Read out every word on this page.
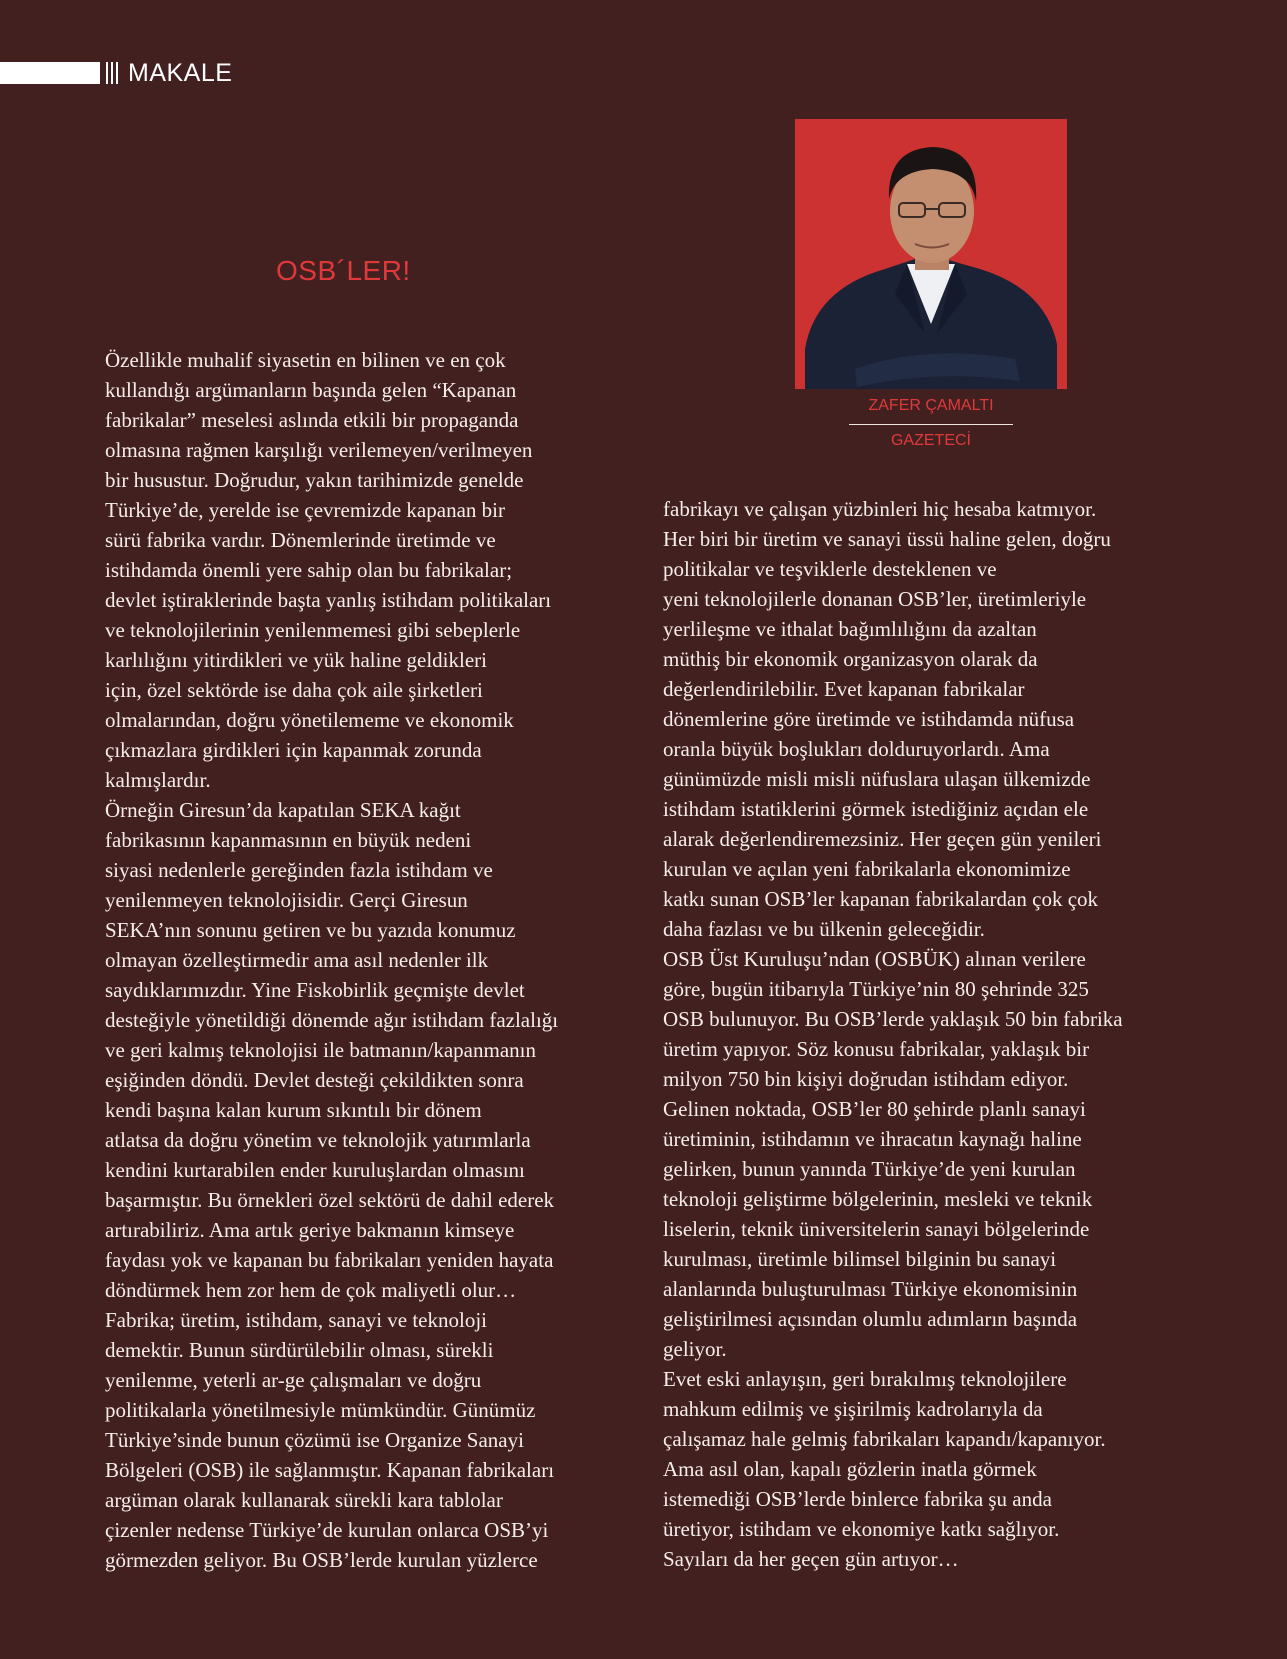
MAKALE
OSB´LER!
ZAFER ÇAMALTI
GAZETECİ

Özellikle muhalif siyasetin en bilinen ve en çok

kullandığı argümanların başında gelen “Kapanan

fabrikalar” meselesi aslında etkili bir propaganda

olmasına rağmen karşılığı verilemeyen/verilmeyen

bir husustur. Doğrudur, yakın tarihimizde genelde

Türkiye’de, yerelde ise çevremizde kapanan bir

sürü fabrika vardır. Dönemlerinde üretimde ve

istihdamda önemli yere sahip olan bu fabrikalar;

devlet iştiraklerinde başta yanlış istihdam politikaları

ve teknolojilerinin yenilenmemesi gibi sebeplerle

karlılığını yitirdikleri ve yük haline geldikleri

için, özel sektörde ise daha çok aile şirketleri

olmalarından, doğru yönetilememe ve ekonomik

çıkmazlara girdikleri için kapanmak zorunda

kalmışlardır.

Örneğin Giresun’da kapatılan SEKA kağıt

fabrikasının kapanmasının en büyük nedeni

siyasi nedenlerle gereğinden fazla istihdam ve

yenilenmeyen teknolojisidir. Gerçi Giresun

SEKA’nın sonunu getiren ve bu yazıda konumuz

olmayan özelleştirmedir ama asıl nedenler ilk

saydıklarımızdır. Yine Fiskobirlik geçmişte devlet

desteğiyle yönetildiği dönemde ağır istihdam fazlalığı

ve geri kalmış teknolojisi ile batmanın/kapanmanın

eşiğinden döndü. Devlet desteği çekildikten sonra

kendi başına kalan kurum sıkıntılı bir dönem

atlatsa da doğru yönetim ve teknolojik yatırımlarla

kendini kurtarabilen ender kuruluşlardan olmasını

başarmıştır. Bu örnekleri özel sektörü de dahil ederek

artırabiliriz. Ama artık geriye bakmanın kimseye

faydası yok ve kapanan bu fabrikaları yeniden hayata

döndürmek hem zor hem de çok maliyetli olur…

Fabrika; üretim, istihdam, sanayi ve teknoloji

demektir. Bunun sürdürülebilir olması, sürekli

yenilenme, yeterli ar-ge çalışmaları ve doğru

politikalarla yönetilmesiyle mümkündür. Günümüz

Türkiye’sinde bunun çözümü ise Organize Sanayi

Bölgeleri (OSB) ile sağlanmıştır. Kapanan fabrikaları

argüman olarak kullanarak sürekli kara tablolar

çizenler nedense Türkiye’de kurulan onlarca OSB’yi

görmezden geliyor. Bu OSB’lerde kurulan yüzlerce

fabrikayı ve çalışan yüzbinleri hiç hesaba katmıyor.

Her biri bir üretim ve sanayi üssü haline gelen, doğru

politikalar ve teşviklerle desteklenen ve

yeni teknolojilerle donanan OSB’ler, üretimleriyle

yerlileşme ve ithalat bağımlılığını da azaltan

müthiş bir ekonomik organizasyon olarak da

değerlendirilebilir. Evet kapanan fabrikalar

dönemlerine göre üretimde ve istihdamda nüfusa

oranla büyük boşlukları dolduruyorlardı. Ama

günümüzde misli misli nüfuslara ulaşan ülkemizde

istihdam istatiklerini görmek istediğiniz açıdan ele

alarak değerlendiremezsiniz. Her geçen gün yenileri

kurulan ve açılan yeni fabrikalarla ekonomimize

katkı sunan OSB’ler kapanan fabrikalardan çok çok

daha fazlası ve bu ülkenin geleceğidir.

OSB Üst Kuruluşu’ndan (OSBÜK) alınan verilere

göre, bugün itibarıyla Türkiye’nin 80 şehrinde 325

OSB bulunuyor. Bu OSB’lerde yaklaşık 50 bin fabrika

üretim yapıyor. Söz konusu fabrikalar, yaklaşık bir

milyon 750 bin kişiyi doğrudan istihdam ediyor.

Gelinen noktada, OSB’ler 80 şehirde planlı sanayi

üretiminin, istihdamın ve ihracatın kaynağı haline

gelirken, bunun yanında Türkiye’de yeni kurulan

teknoloji geliştirme bölgelerinin, mesleki ve teknik

liselerin, teknik üniversitelerin sanayi bölgelerinde

kurulması, üretimle bilimsel bilginin bu sanayi

alanlarında buluşturulması Türkiye ekonomisinin

geliştirilmesi açısından olumlu adımların başında

geliyor.

Evet eski anlayışın, geri bırakılmış teknolojilere

mahkum edilmiş ve şişirilmiş kadrolarıyla da

çalışamaz hale gelmiş fabrikaları kapandı/kapanıyor.

Ama asıl olan, kapalı gözlerin inatla görmek

istemediği OSB’lerde binlerce fabrika şu anda

üretiyor, istihdam ve ekonomiye katkı sağlıyor.

Sayıları da her geçen gün artıyor…
